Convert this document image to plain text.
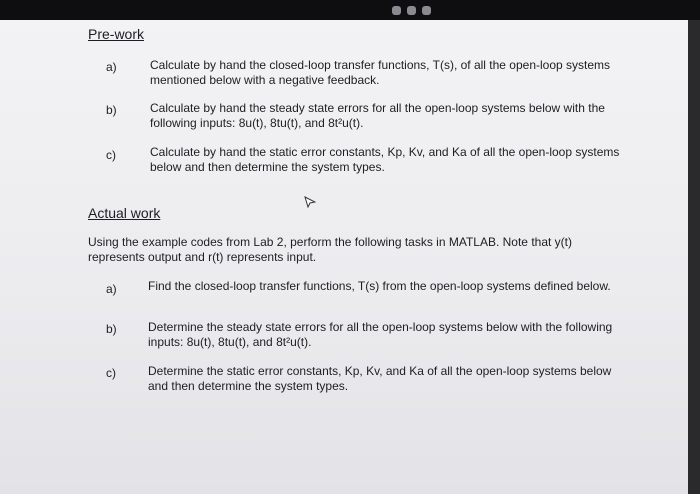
Pre-work
a)	Calculate by hand the closed-loop transfer functions, T(s), of all the open-loop systems mentioned below with a negative feedback.
b)	Calculate by hand the steady state errors for all the open-loop systems below with the following inputs: 8u(t), 8tu(t), and 8t²u(t).
c)	Calculate by hand the static error constants, Kp, Kv, and Ka of all the open-loop systems below and then determine the system types.
Actual work
Using the example codes from Lab 2, perform the following tasks in MATLAB. Note that y(t) represents output and r(t) represents input.
a)	Find the closed-loop transfer functions, T(s) from the open-loop systems defined below.
b)	Determine the steady state errors for all the open-loop systems below with the following inputs: 8u(t), 8tu(t), and 8t²u(t).
c)	Determine the static error constants, Kp, Kv, and Ka of all the open-loop systems below and then determine the system types.
